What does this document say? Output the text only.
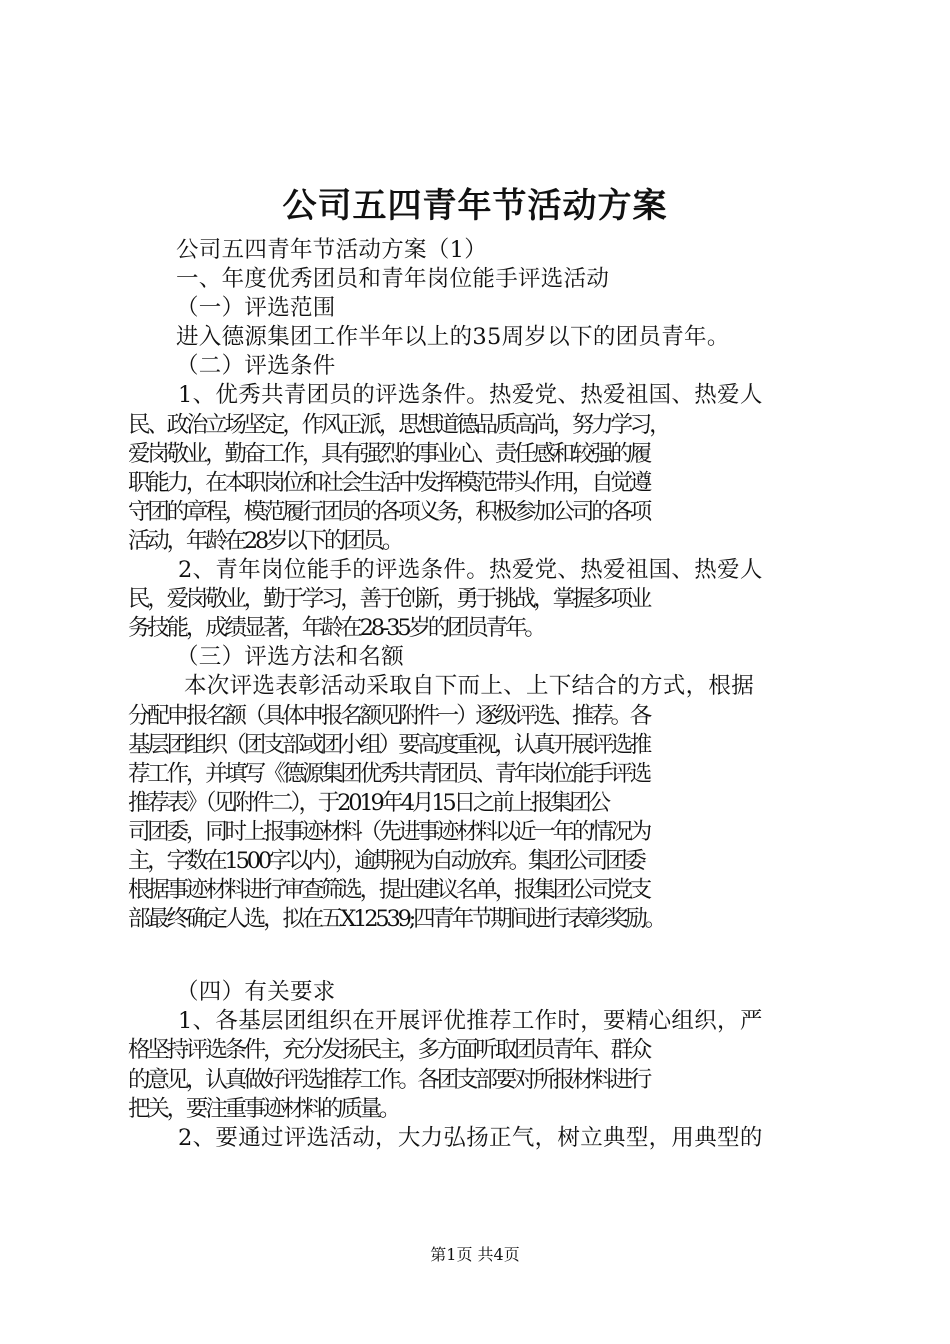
公司五四青年节活动方案
公司五四青年节活动方案（1）
一、年度优秀团员和青年岗位能手评选活动
（一）评选范围
进入德源集团工作半年以上的35周岁以下的团员青年。
（二）评选条件
1、优秀共青团员的评选条件。热爱党、热爱祖国、热爱人
民、政治立场坚定，作风正派，思想道德品质高尚，努力学习，
爱岗敬业，勤奋工作，具有强烈的事业心、责任感和较强的履
职能力，在本职岗位和社会生活中发挥模范带头作用，自觉遵
守团的章程，模范履行团员的各项义务，积极参加公司的各项
活动，年龄在28岁以下的团员。
2、青年岗位能手的评选条件。热爱党、热爱祖国、热爱人
民，爱岗敬业，勤于学习，善于创新，勇于挑战，掌握多项业
务技能，成绩显著，年龄在28-35岁的团员青年。
（三）评选方法和名额
本次评选表彰活动采取自下而上、上下结合的方式，根据
分配申报名额（具体申报名额见附件一）逐级评选、推荐。各
基层团组织（团支部或团小组）要高度重视，认真开展评选推
荐工作，并填写《德源集团优秀共青团员、青年岗位能手评选
推荐表》（见附件二），于2019年4月15日之前上报集团公
司团委，同时上报事迹材料（先进事迹材料以近一年的情况为
主，字数在1500字以内），逾期视为自动放弃。集团公司团委
根据事迹材料进行审查筛选，提出建议名单，报集团公司党支
部最终确定人选，拟在五X12539;四青年节期间进行表彰奖励。
（四）有关要求
1、各基层团组织在开展评优推荐工作时，要精心组织，严
格坚持评选条件，充分发扬民主，多方面听取团员青年、群众
的意见，认真做好评选推荐工作。各团支部要对所报材料进行
把关，要注重事迹材料的质量。
2、要通过评选活动，大力弘扬正气，树立典型，用典型的
第1页 共4页
